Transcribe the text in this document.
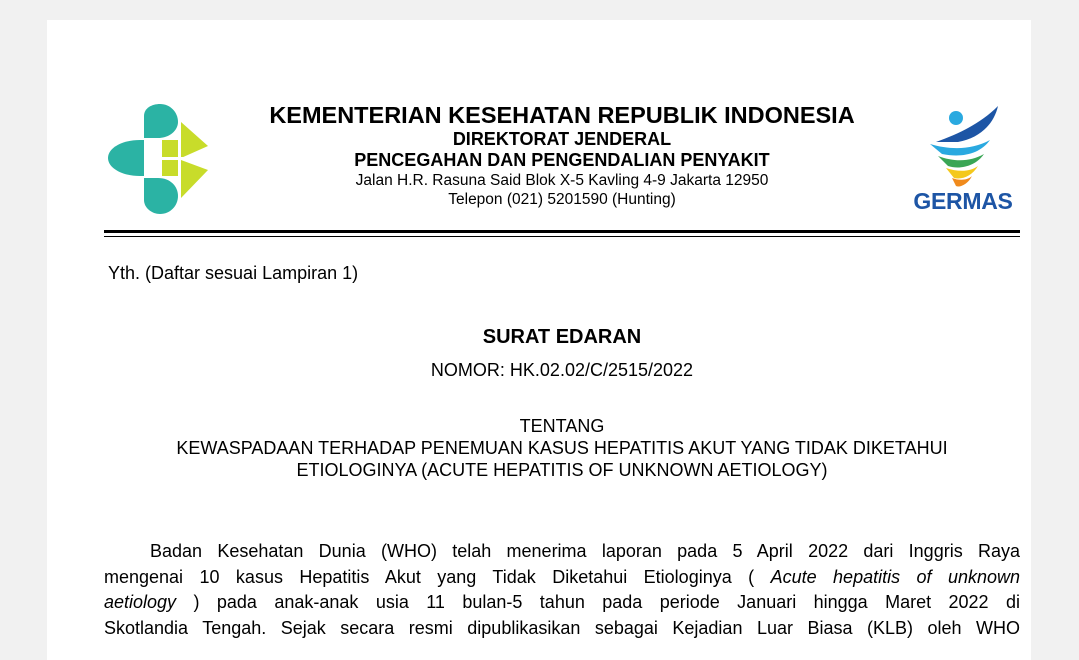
KEMENTERIAN KESEHATAN REPUBLIK INDONESIA
DIREKTORAT JENDERAL
PENCEGAHAN DAN PENGENDALIAN PENYAKIT
Jalan H.R. Rasuna Said Blok X-5 Kavling 4-9 Jakarta 12950
Telepon (021) 5201590 (Hunting)	GERMAS
Yth. (Daftar sesuai Lampiran 1)
SURAT EDARAN
NOMOR: HK.02.02/C/2515/2022
TENTANG
KEWASPADAAN TERHADAP PENEMUAN KASUS HEPATITIS AKUT YANG TIDAK DIKETAHUI
ETIOLOGINYA (ACUTE HEPATITIS OF UNKNOWN AETIOLOGY)
Badan Kesehatan Dunia (WHO) telah menerima laporan pada 5 April 2022 dari Inggris Raya
mengenai 10 kasus Hepatitis Akut yang Tidak Diketahui Etiologinya ( Acute hepatitis of unknown
aetiology ) pada anak-anak usia 11 bulan-5 tahun pada periode Januari hingga Maret 2022 di
Skotlandia Tengah. Sejak secara resmi dipublikasikan sebagai Kejadian Luar Biasa (KLB) oleh WHO
